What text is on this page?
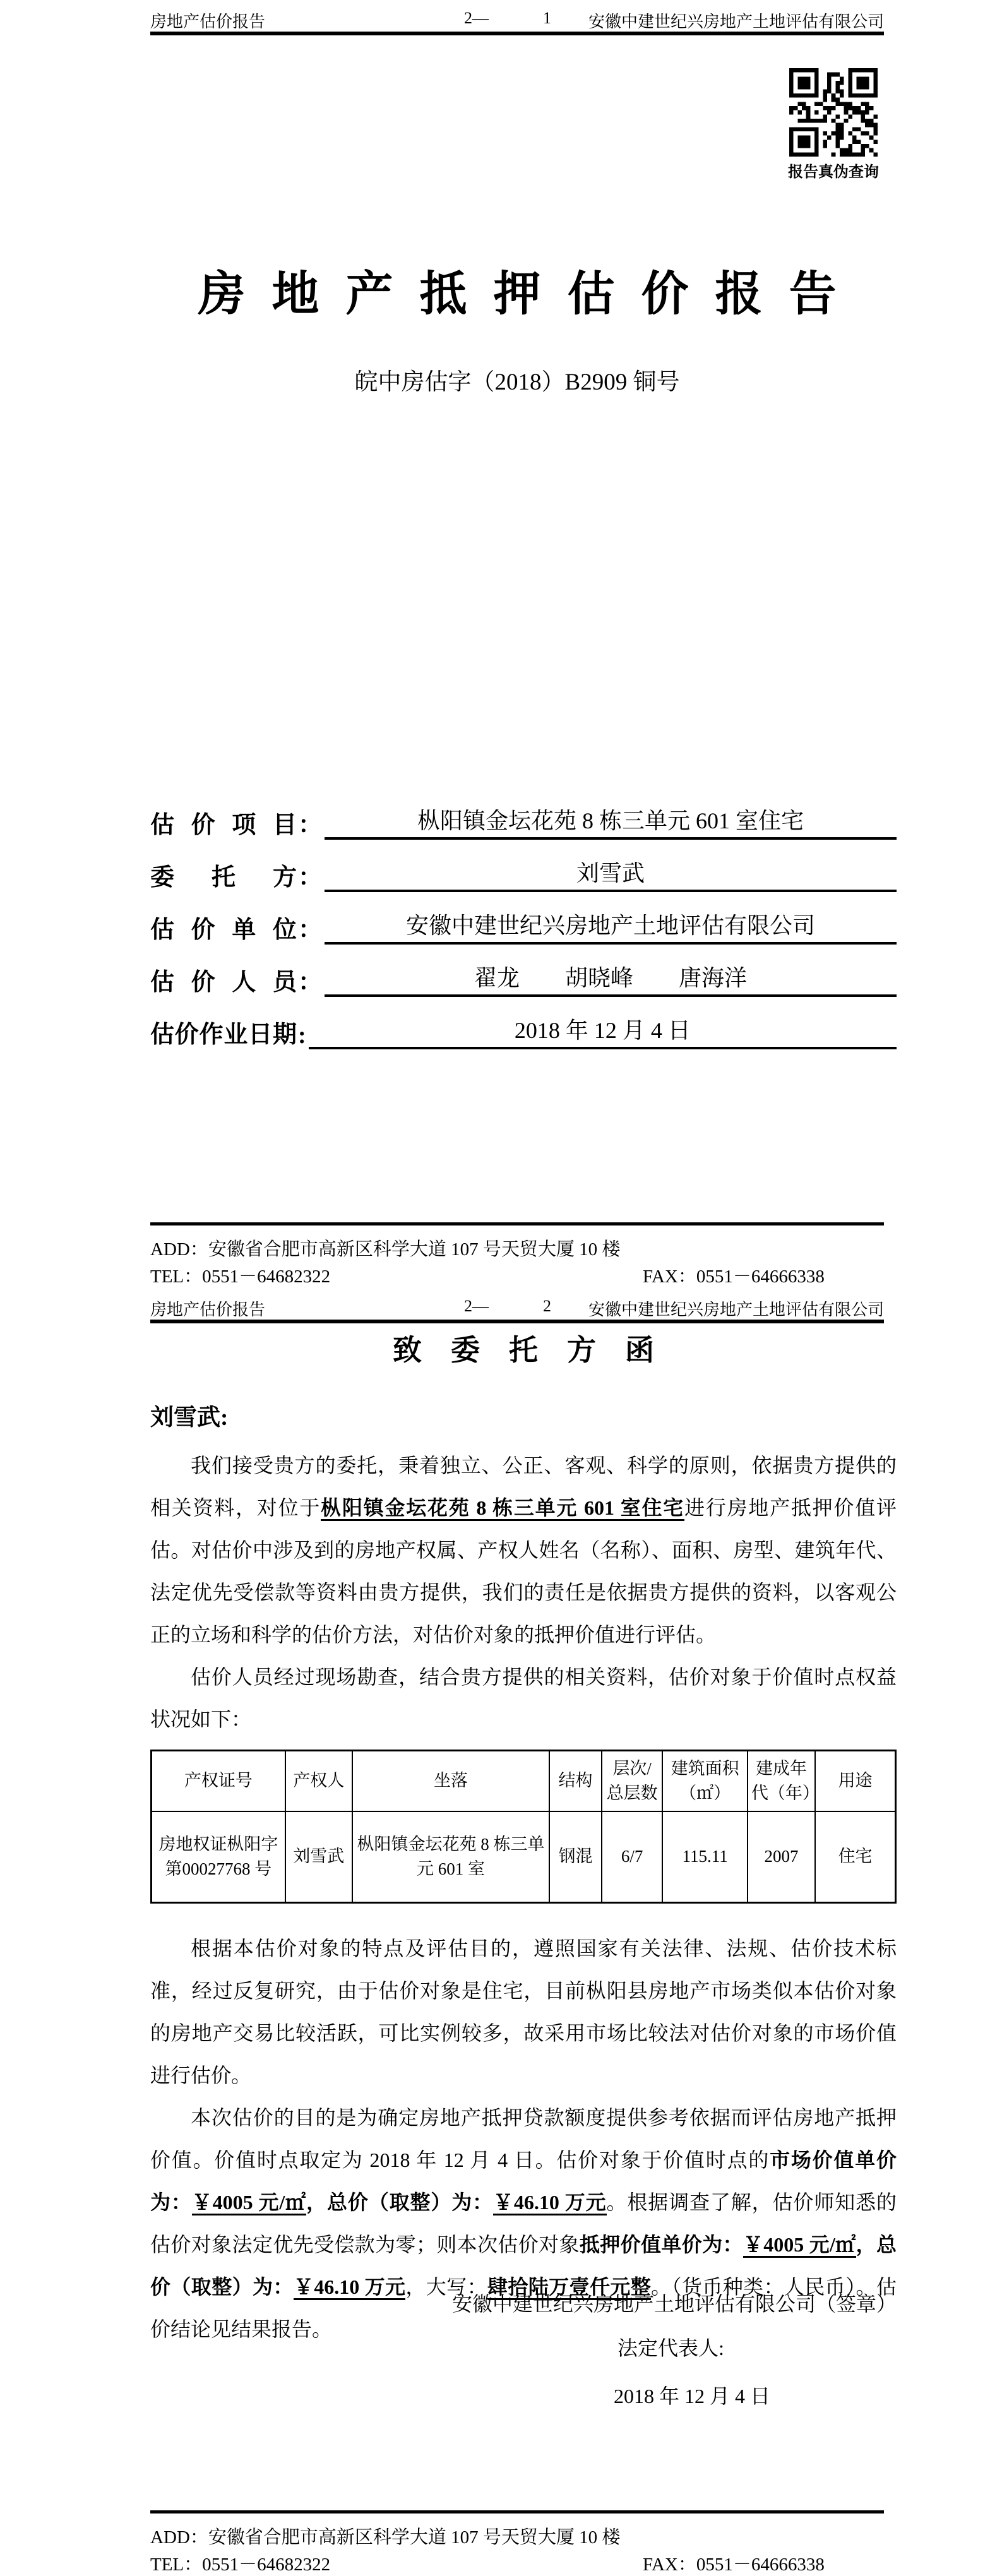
房地产估价报告	2—	1 安徽中建世纪兴房地产土地评估有限公司
报告真伪查询
房地产抵押估价报告
皖中房估字（2018）B2909 铜号
估价项目 ：	枞阳镇金坛花苑 8 栋三单元 601 室住宅
委托方 ：	刘雪武
估价单位 ：	安徽中建世纪兴房地产土地评估有限公司
估价人员 ：	翟龙　　胡晓峰　　唐海洋
估价作业日期 :	2018 年 12 月 4 日
ADD：安徽省合肥市高新区科学大道 107 号天贸大厦 10 楼
TEL：0551－64682322	FAX：0551－64666338
房地产估价报告	2—	2 安徽中建世纪兴房地产土地评估有限公司
致委托方函
刘雪武:

我们接受贵方的委托，秉着独立、公正、客观、科学的原则，依据贵方提供的相关资料，对位于枞阳镇金坛花苑 8 栋三单元 601 室住宅进行房地产抵押价值评估。对估价中涉及到的房地产权属、产权人姓名（名称）、面积、房型、建筑年代、法定优先受偿款等资料由贵方提供，我们的责任是依据贵方提供的资料，以客观公正的立场和科学的估价方法，对估价对象的抵押价值进行评估。

估价人员经过现场勘查，结合贵方提供的相关资料，估价对象于价值时点权益状况如下：

产权证号	产权人	坐落	结构	层次/总层数	建筑面积（㎡）	建成年代（年）	用途
房地权证枞阳字第00027768 号	刘雪武	枞阳镇金坛花苑 8 栋三单元 601 室	钢混	6/7	115.11	2007	住宅

根据本估价对象的特点及评估目的，遵照国家有关法律、法规、估价技术标准，经过反复研究，由于估价对象是住宅，目前枞阳县房地产市场类似本估价对象的房地产交易比较活跃，可比实例较多，故采用市场比较法对估价对象的市场价值进行估价。

本次估价的目的是为确定房地产抵押贷款额度提供参考依据而评估房地产抵押价值。价值时点取定为 2018 年 12 月 4 日。估价对象于价值时点的市场价值单价为：￥4005 元/㎡，总价（取整）为：￥46.10 万元。根据调查了解，估价师知悉的估价对象法定优先受偿款为零；则本次估价对象抵押价值单价为：￥4005 元/㎡，总价（取整）为：￥46.10 万元，大写：肆拾陆万壹仟元整。（货币种类：人民币）。估价结论见结果报告。

安徽中建世纪兴房地产土地评估有限公司（签章）
法定代表人:
2018 年 12 月 4 日
ADD：安徽省合肥市高新区科学大道 107 号天贸大厦 10 楼
TEL：0551－64682322	FAX：0551－64666338
